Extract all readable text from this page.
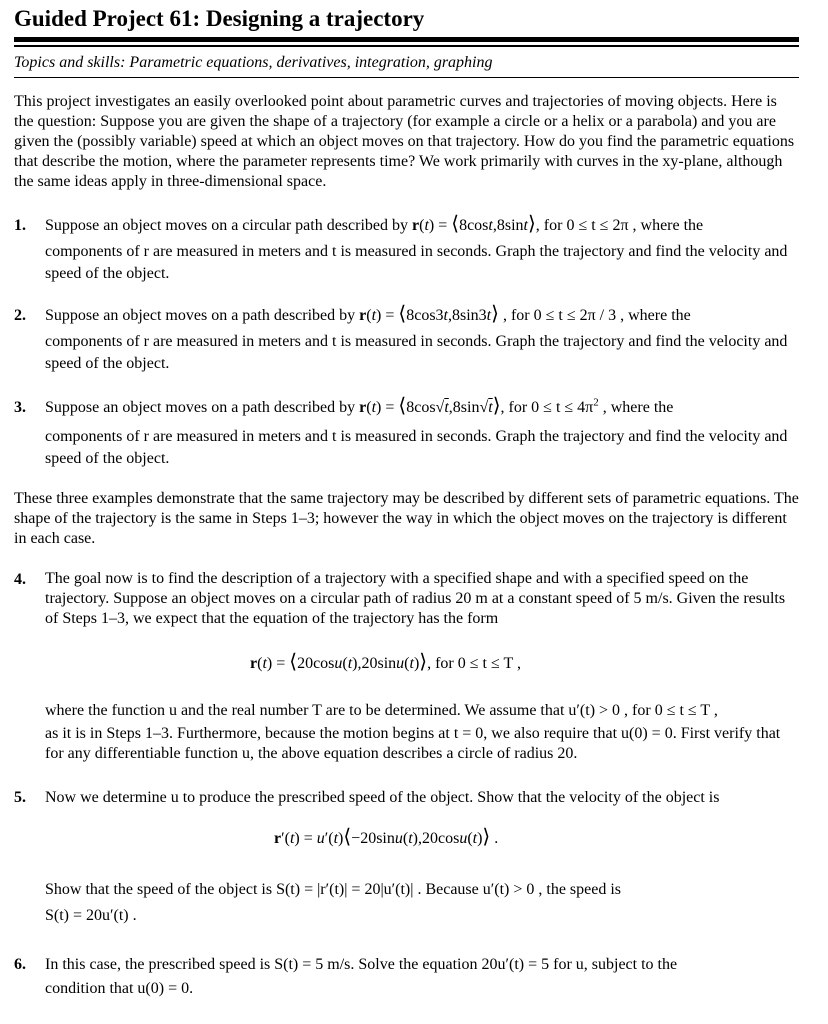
Guided Project 61: Designing a trajectory
Topics and skills: Parametric equations, derivatives, integration, graphing
This project investigates an easily overlooked point about parametric curves and trajectories of moving objects. Here is the question: Suppose you are given the shape of a trajectory (for example a circle or a helix or a parabola) and you are given the (possibly variable) speed at which an object moves on that trajectory. How do you find the parametric equations that describe the motion, where the parameter represents time? We work primarily with curves in the xy-plane, although the same ideas apply in three-dimensional space.
1. Suppose an object moves on a circular path described by r(t) = ⟨8cost,8sint⟩, for 0 ≤ t ≤ 2π , where the
components of r are measured in meters and t is measured in seconds. Graph the trajectory and find the velocity and speed of the object.
2. Suppose an object moves on a path described by r(t) = ⟨8cos3t,8sin3t⟩ , for 0 ≤ t ≤ 2π / 3 , where the
components of r are measured in meters and t is measured in seconds. Graph the trajectory and find the velocity and speed of the object.
3. Suppose an object moves on a path described by r(t) = ⟨8cos√t,8sin√t⟩, for $0 \le t \le 4\pi^2$ , where the
components of r are measured in meters and t is measured in seconds. Graph the trajectory and find the velocity and speed of the object.
These three examples demonstrate that the same trajectory may be described by different sets of parametric equations. The shape of the trajectory is the same in Steps 1–3; however the way in which the object moves on the trajectory is different in each case.
4. The goal now is to find the description of a trajectory with a specified shape and with a specified speed on the trajectory. Suppose an object moves on a circular path of radius 20 m at a constant speed of 5 m/s. Given the results of Steps 1–3, we expect that the equation of the trajectory has the form
r(t) = ⟨20cosu(t),20sinu(t)⟩, for 0 ≤ t ≤ T ,
where the function u and the real number T are to be determined. We assume that u′(t) > 0 , for 0 ≤ t ≤ T ,
as it is in Steps 1–3. Furthermore, because the motion begins at t = 0, we also require that u(0) = 0. First verify that for any differentiable function u, the above equation describes a circle of radius 20.
5. Now we determine u to produce the prescribed speed of the object. Show that the velocity of the object is
r′(t) = u′(t)⟨−20sinu(t),20cosu(t)⟩ .
Show that the speed of the object is S(t) = |r′(t)| = 20|u′(t)| . Because u′(t) > 0 , the speed is
S(t) = 20u′(t) .
6. In this case, the prescribed speed is S(t) = 5 m/s. Solve the equation 20u′(t) = 5 for u, subject to the
condition that u(0) = 0.
